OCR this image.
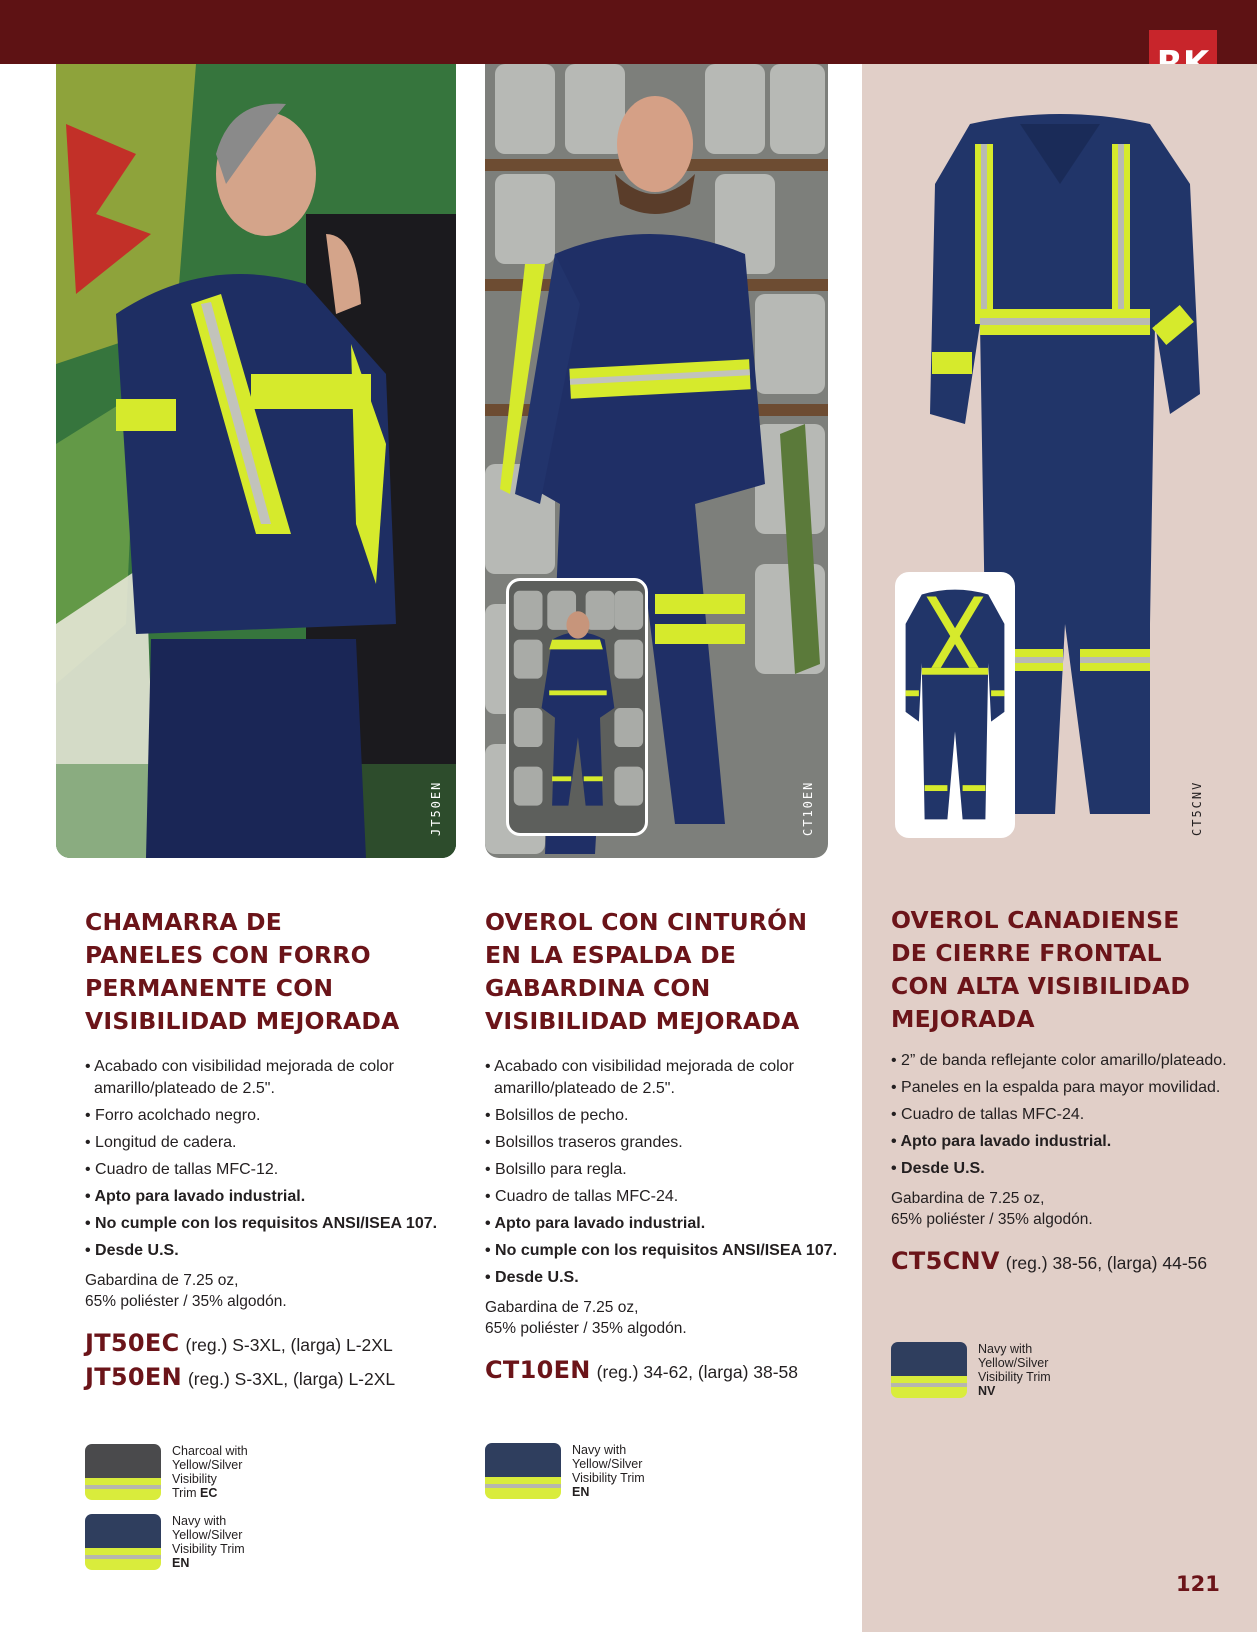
JT50EN	CT10EN	CT5CNV
CHAMARRA DE
PANELES CON FORRO
PERMANENTE CON
VISIBILIDAD MEJORADA
• Acabado con visibilidad mejorada de color amarillo/plateado de 2.5".
• Forro acolchado negro.
• Longitud de cadera.
• Cuadro de tallas MFC-12.
• Apto para lavado industrial.
• No cumple con los requisitos ANSI/ISEA 107.
• Desde U.S.

Gabardina de 7.25 oz,
65% poliéster / 35% algodón.

JT50EC (reg.) S-3XL, (larga) L-2XL
JT50EN (reg.) S-3XL, (larga) L-2XL
Charcoal with
Yellow/Silver
Visibility
Trim EC
Navy with
Yellow/Silver
Visibility Trim
EN
OVEROL CON CINTURÓN
EN LA ESPALDA DE
GABARDINA CON
VISIBILIDAD MEJORADA
• Acabado con visibilidad mejorada de color amarillo/plateado de 2.5".
• Bolsillos de pecho.
• Bolsillos traseros grandes.
• Bolsillo para regla.
• Cuadro de tallas MFC-24.
• Apto para lavado industrial.
• No cumple con los requisitos ANSI/ISEA 107.
• Desde U.S.

Gabardina de 7.25 oz,
65% poliéster / 35% algodón.

CT10EN (reg.) 34-62, (larga) 38-58
Navy with
Yellow/Silver
Visibility Trim
EN
OVEROL CANADIENSE
DE CIERRE FRONTAL
CON ALTA VISIBILIDAD
MEJORADA
• 2” de banda reflejante color amarillo/plateado.
• Paneles en la espalda para mayor movilidad.
• Cuadro de tallas MFC-24.
• Apto para lavado industrial.
• Desde U.S.

Gabardina de 7.25 oz,
65% poliéster / 35% algodón.

CT5CNV (reg.) 38-56, (larga) 44-56
Navy with
Yellow/Silver
Visibility Trim
NV
121
